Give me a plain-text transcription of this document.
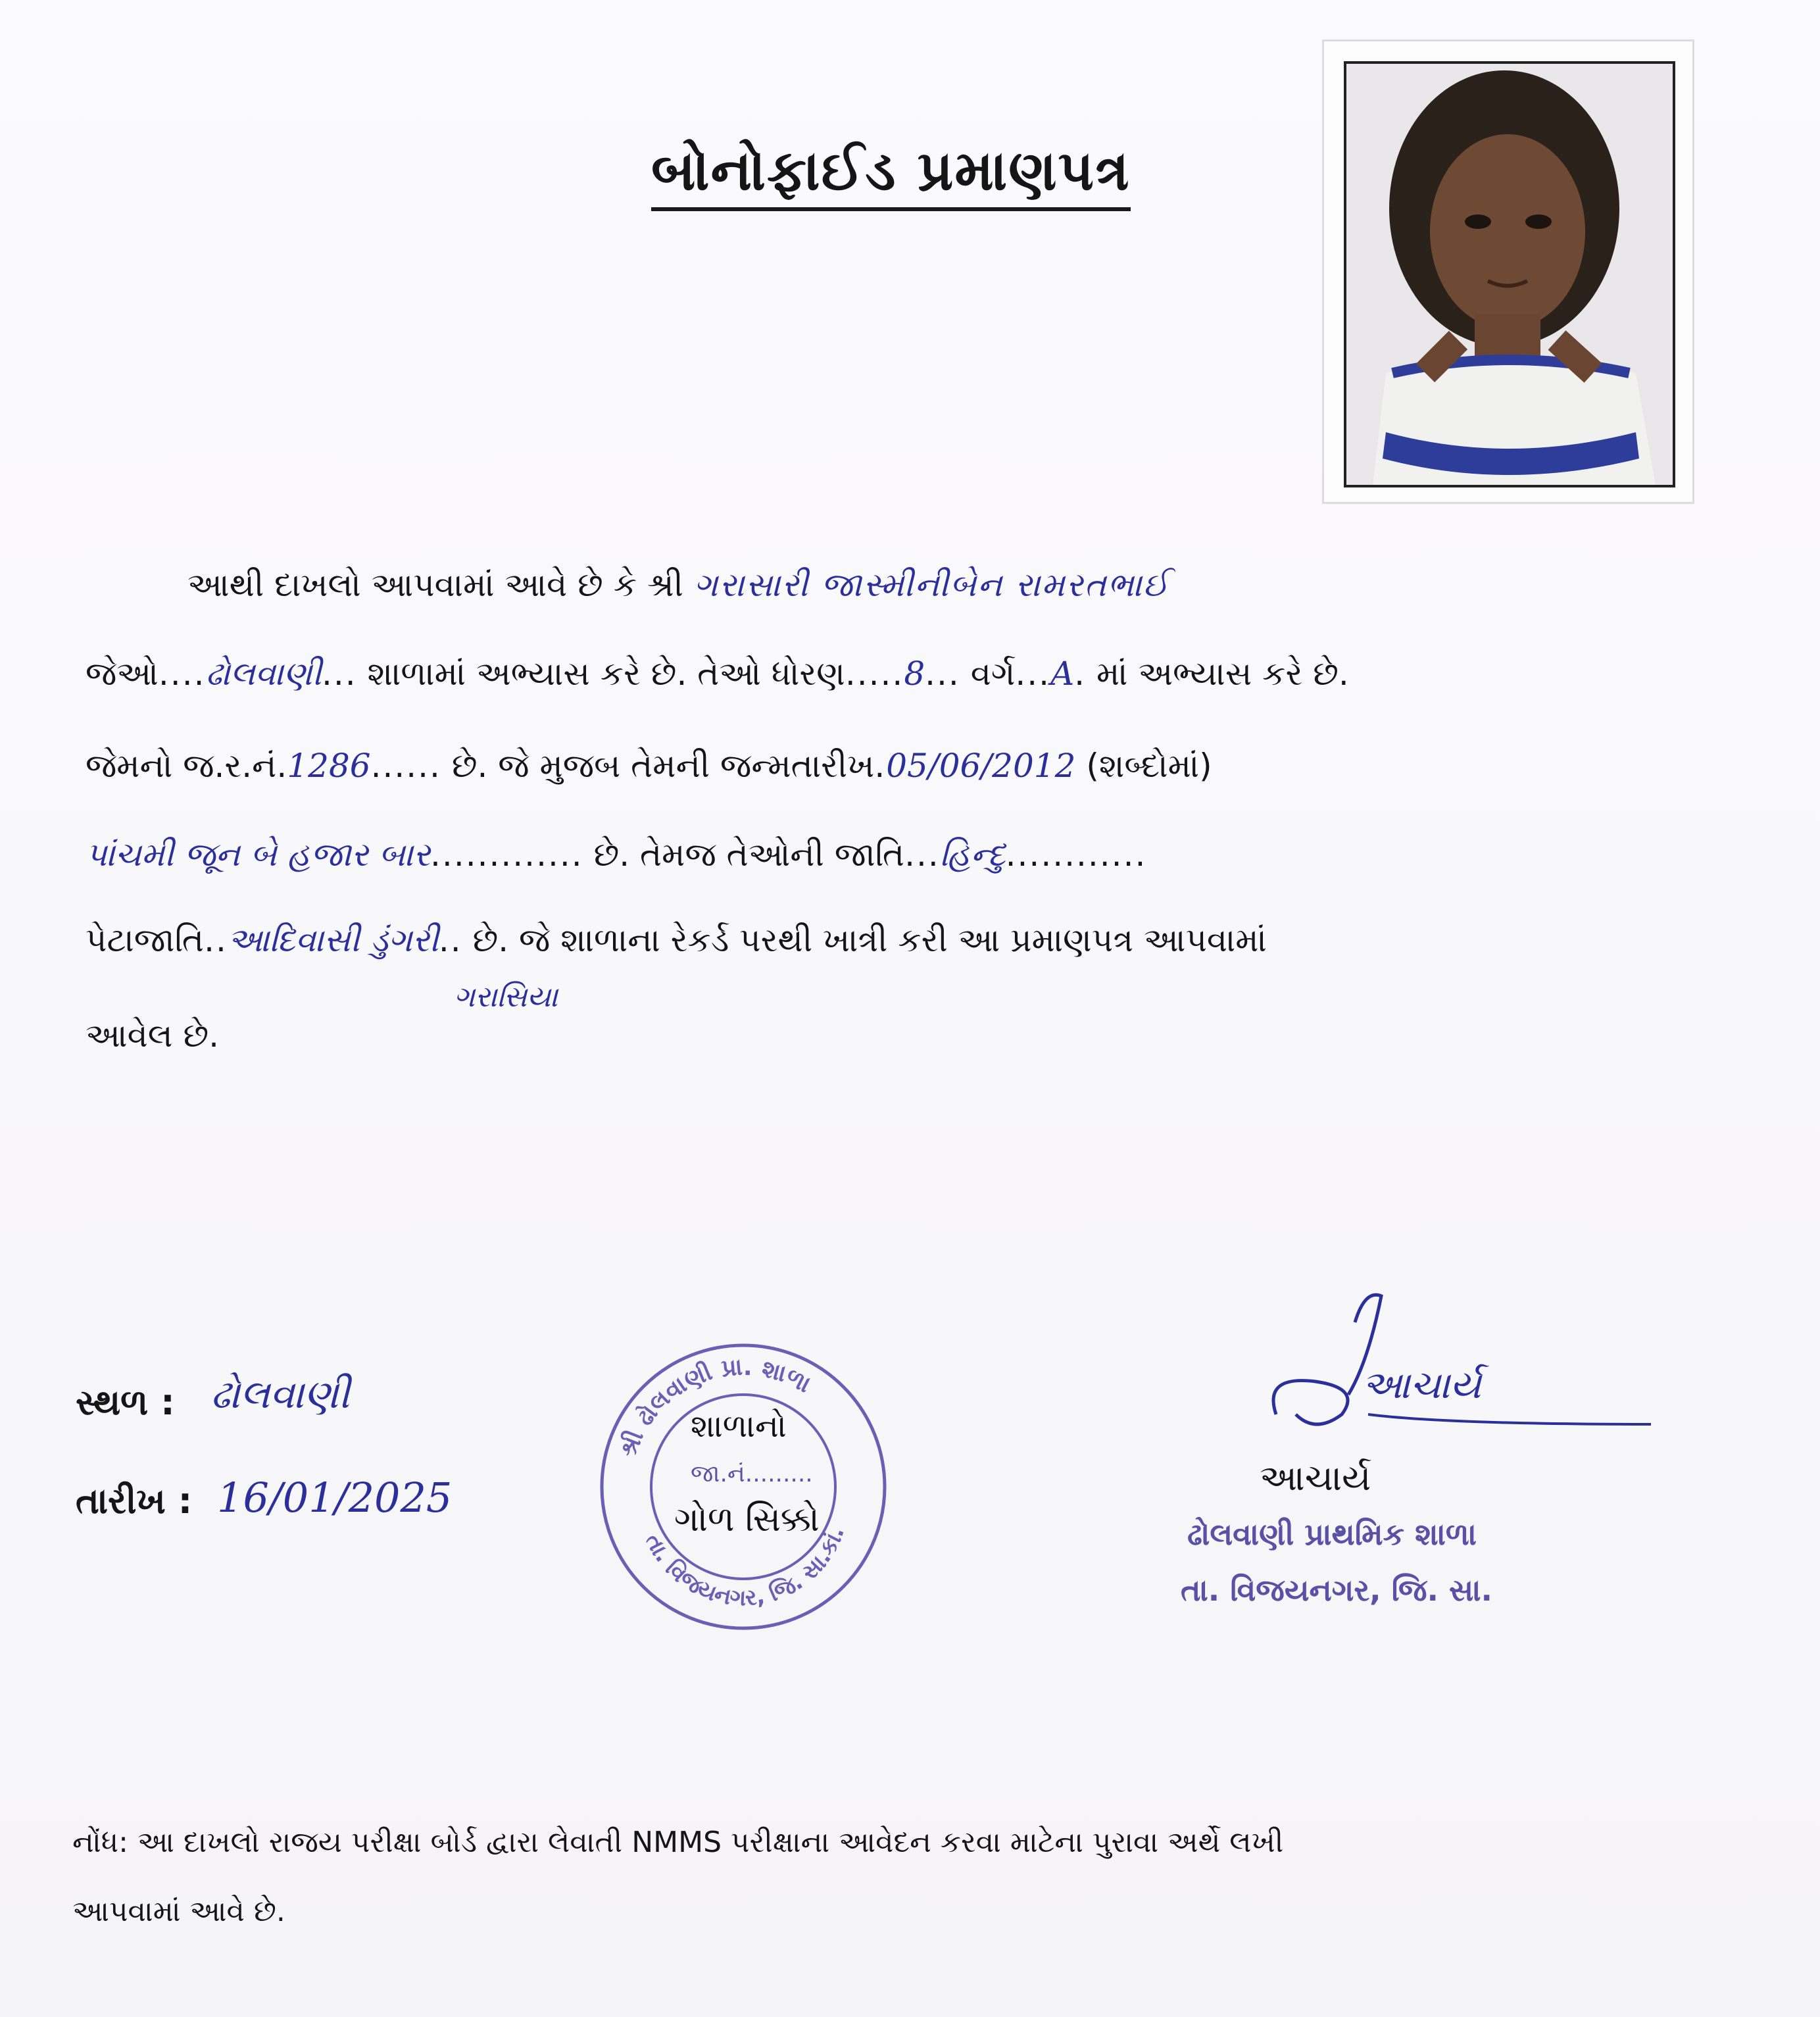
બોનોફાઈડ પ્રમાણપત્ર
આથી દાખલો આપવામાં આવે છે કે શ્રી ગરાસારી જાસ્મીનીબેન રામરતભાઈ
જેઓ....ઢોલવાણી... શાળામાં અભ્યાસ કરે છે. તેઓ ધોરણ.....8... વર્ગ...A. માં અભ્યાસ કરે છે.
જેમનો જ.ર.નં.1286...... છે. જે મુજબ તેમની જન્મતારીખ.05/06/2012 (શબ્દોમાં)
પાંચમી જૂન બે હજાર બાર............. છે. તેમજ તેઓની જાતિ...હિન્દુ............
પેટાજાતિ..આદિવાસી ડુંગરી.. છે. જે શાળાના રેકર્ડ પરથી ખાત્રી કરી આ પ્રમાણપત્ર આપવામાં
ગરાસિયા
આવેલ છે.
સ્થળ : ઢોલવાણી
તારીખ : 16/01/2025
શ્રી ઢોલવાણી પ્રા. શાળા
તા. વિજયનગર, જિ. સા.કાં.
શાળાનો
જા.નં.........
ગોળ સિક્કો
આચાર્ય
આચાર્ય
ઢોલવાણી પ્રાથમિક શાળા
તા. વિજયનગર, જિ. સા.
નોંધ: આ દાખલો રાજય પરીક્ષા બોર્ડ દ્વારા લેવાતી NMMS પરીક્ષાના આવેદન કરવા માટેના પુરાવા અર્થે લખી
આપવામાં આવે છે.
